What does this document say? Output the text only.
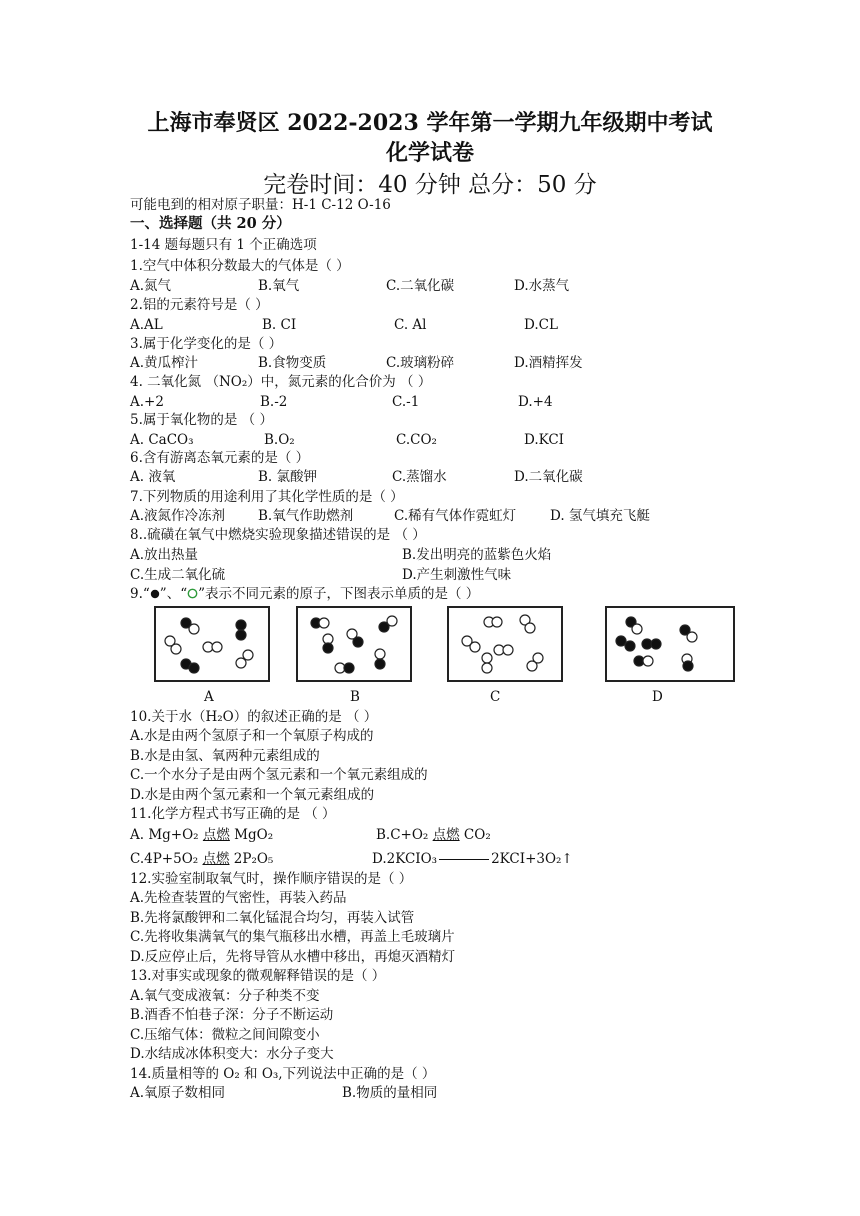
上海市奉贤区 2022-2023 学年第一学期九年级期中考试
化学试卷
完卷时间：40 分钟 总分：50 分
可能电到的相对原子职量：H-1 C-12 O-16
一、选择题（共 20 分）
1-14 题每题只有 1 个正确选项
1.空气中体积分数最大的气体是（ ）
A.氮气	B.氧气	C.二氧化碳	D.水蒸气
2.铝的元素符号是（ ）
A.AL	B. CI	C. Al	D.CL
3.属于化学变化的是（ ）
A.黄瓜榨汁	B.食物变质	C.玻璃粉碎	D.酒精挥发
4. 二氧化氮 （NO₂）中，氮元素的化合价为 （ ）
A.+2	B.-2	C.-1	D.+4
5.属于氧化物的是 （ ）
A. CaCO₃	B.O₂	C.CO₂	D.KCI
6.含有游离态氧元素的是（ ）
A. 液氧	B. 氯酸钾	C.蒸馏水	D.二氧化碳
7.下列物质的用途利用了其化学性质的是（ ）
A.液氮作冷冻剂 B.氧气作助燃剂	C.稀有气体作霓虹灯	D. 氢气填充飞艇
8..硫磺在氧气中燃烧实验现象描述错误的是 （ ）
A.放出热量	B.发出明亮的蓝紫色火焰
C.生成二氧化硫	D.产生刺激性气味
9.“ ”、“ ”表示不同元素的原子，下图表示单质的是（ ）
A	B	C	D
10.关于水（H₂O）的叙述正确的是 （ ）
A.水是由两个氢原子和一个氧原子构成的
B.水是由氢、氧两种元素组成的
C.一个水分子是由两个氢元素和一个氧元素组成的
D.水是由两个氢元素和一个氧元素组成的
11.化学方程式书写正确的是 （ ）
A. Mg+O₂ 点燃 MgO₂	B.C+O₂ 点燃 CO₂
C.4P+5O₂ 点燃 2P₂O₅	D.2KCIO₃	2KCI+3O₂↑
12.实验室制取氧气时，操作顺序错误的是（ ）
A.先检查装置的气密性，再装入药品
B.先将氯酸钾和二氧化锰混合均匀，再装入试管
C.先将收集满氧气的集气瓶移出水槽，再盖上毛玻璃片
D.反应停止后，先将导管从水槽中移出，再熄灭酒精灯
13.对事实或现象的微观解释错误的是（ ）
A.氧气变成液氧：分子种类不变
B.酒香不怕巷子深：分子不断运动
C.压缩气体：微粒之间间隙变小
D.水结成冰体积变大：水分子变大
14.质量相等的 O₂ 和 O₃,下列说法中正确的是（ ）
A.氧原子数相同	B.物质的量相同
